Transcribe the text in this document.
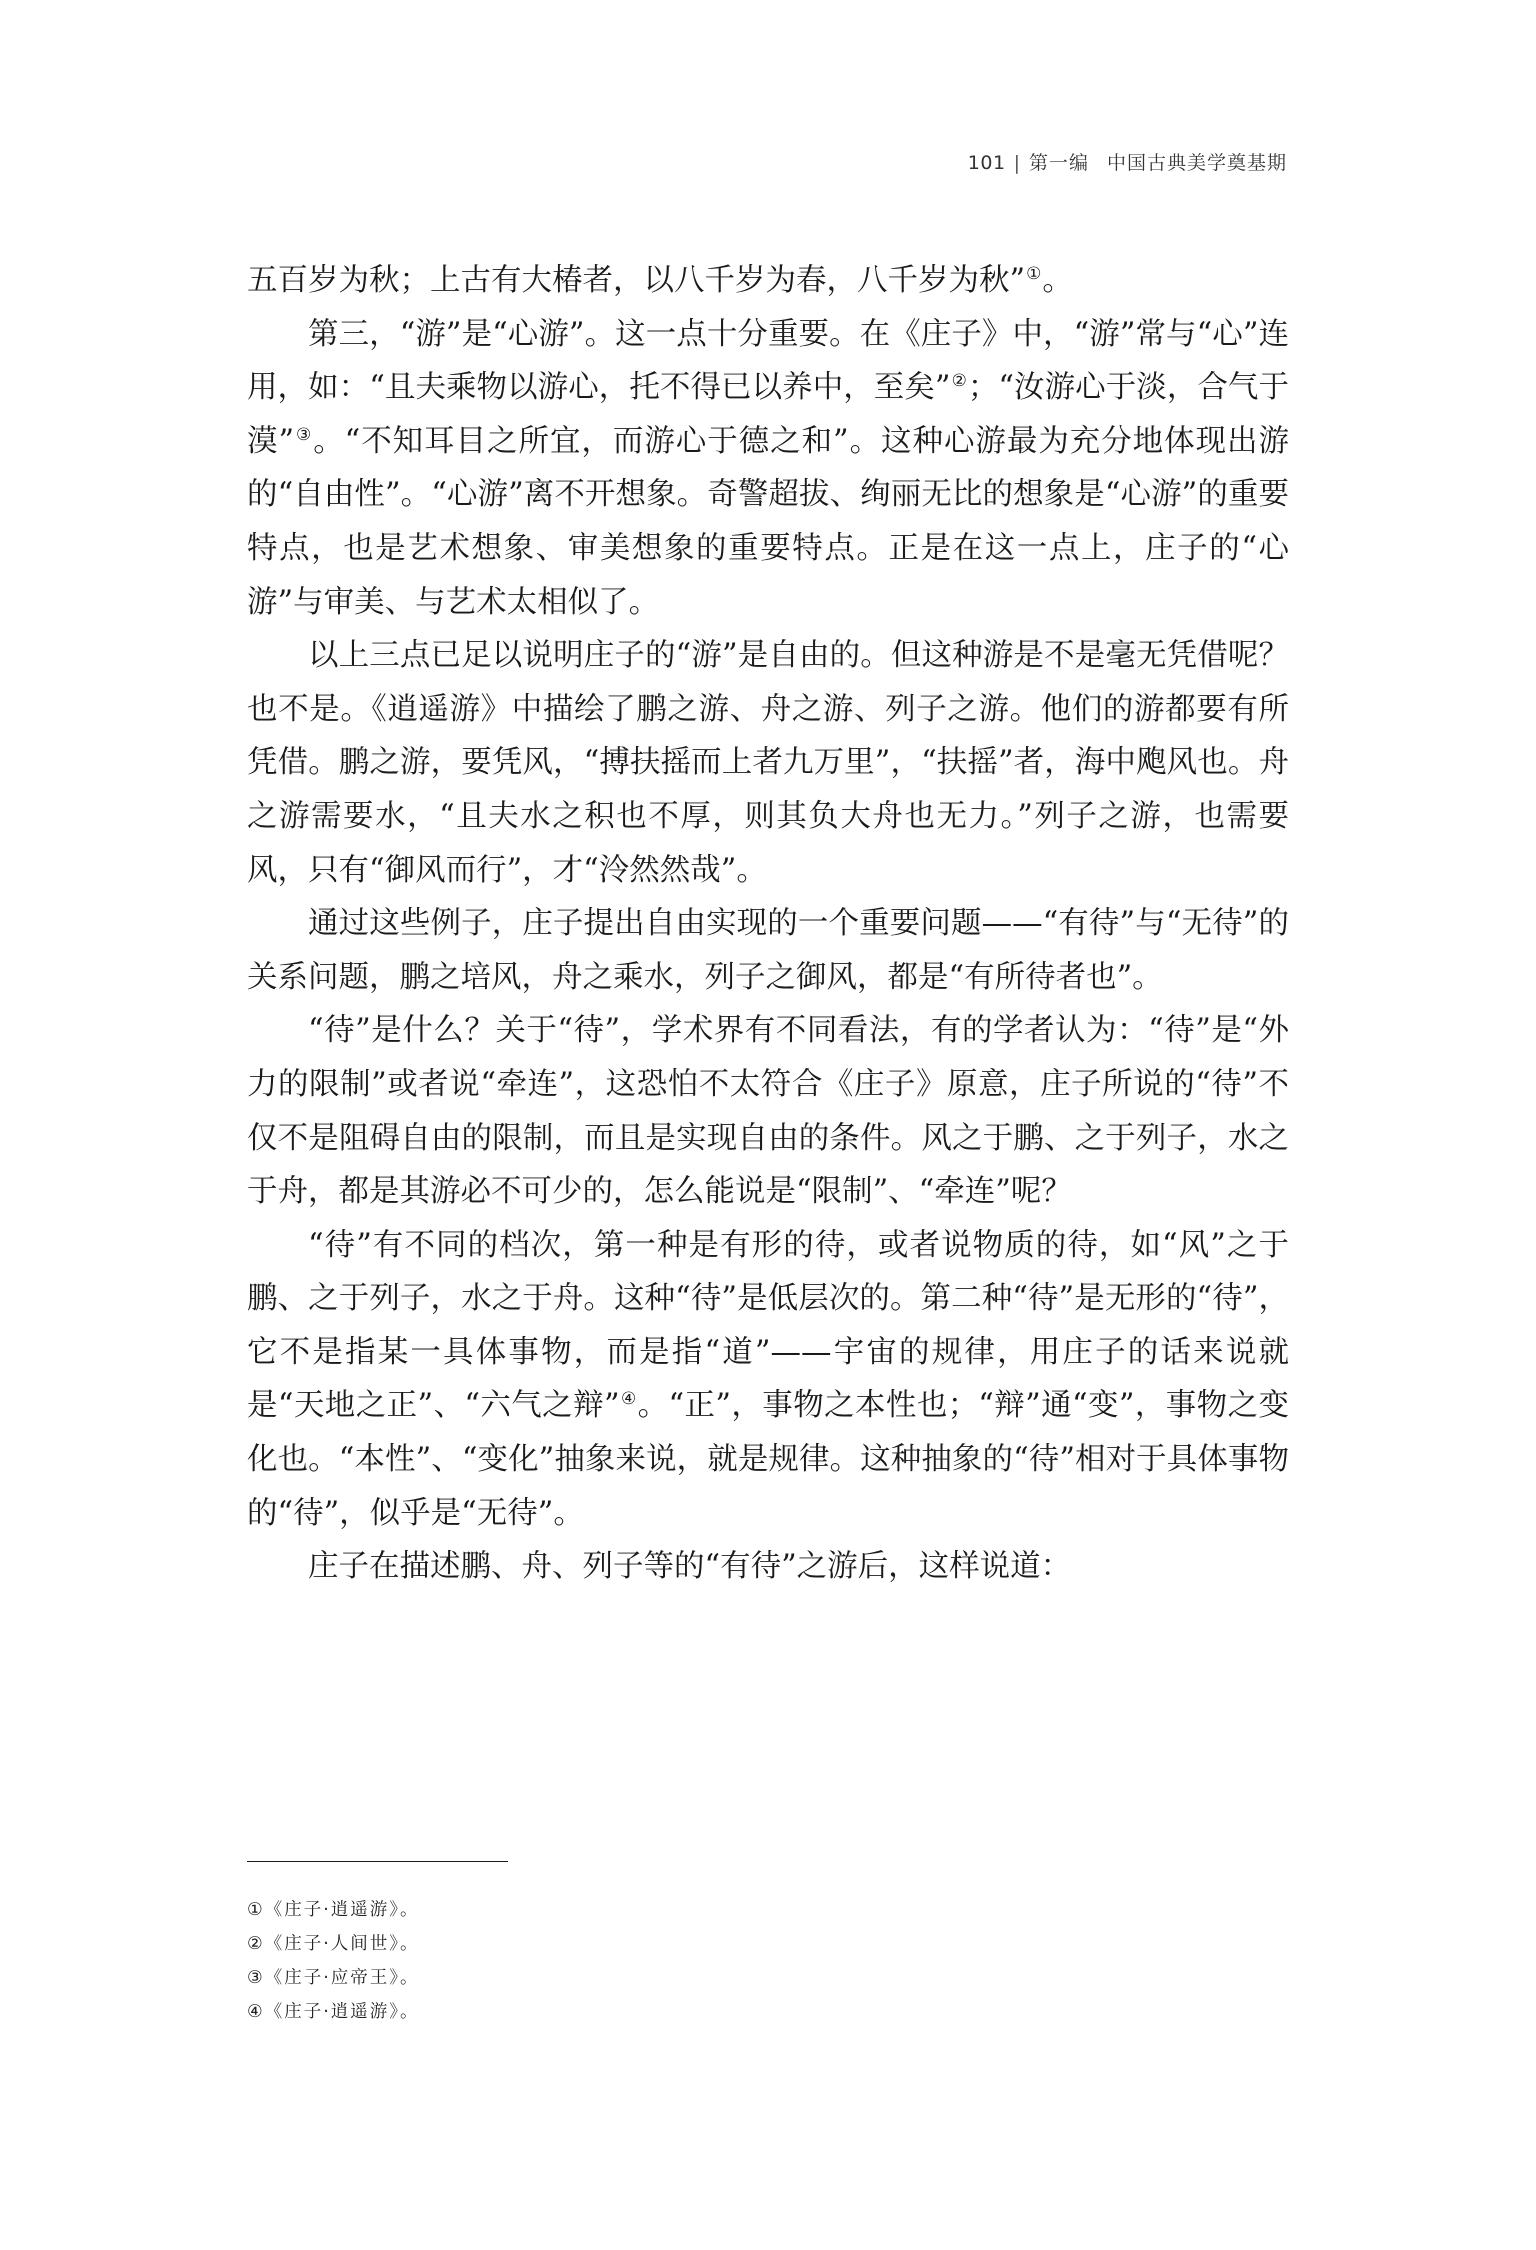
101 | 第一编 中国古典美学奠基期

五百岁为秋；上古有大椿者，以八千岁为春，八千岁为秋”①。

第三，“游”是“心游”。这一点十分重要。在《庄子》中，“游”常与“心”连用，如：“且夫乘物以游心，托不得已以养中，至矣”②；“汝游心于淡，合气于漠”③。“不知耳目之所宜，而游心于德之和”。这种心游最为充分地体现出游的“自由性”。“心游”离不开想象。奇警超拔、绚丽无比的想象是“心游”的重要特点，也是艺术想象、审美想象的重要特点。正是在这一点上，庄子的“心游”与审美、与艺术太相似了。

以上三点已足以说明庄子的“游”是自由的。但这种游是不是毫无凭借呢？也不是。《逍遥游》中描绘了鹏之游、舟之游、列子之游。他们的游都要有所凭借。鹏之游，要凭风，“搏扶摇而上者九万里”，“扶摇”者，海中飑风也。舟之游需要水，“且夫水之积也不厚，则其负大舟也无力。”列子之游，也需要风，只有“御风而行”，才“泠然然哉”。

通过这些例子，庄子提出自由实现的一个重要问题——“有待”与“无待”的关系问题，鹏之培风，舟之乘水，列子之御风，都是“有所待者也”。

“待”是什么？关于“待”，学术界有不同看法，有的学者认为：“待”是“外力的限制”或者说“牵连”，这恐怕不太符合《庄子》原意，庄子所说的“待”不仅不是阻碍自由的限制，而且是实现自由的条件。风之于鹏、之于列子，水之于舟，都是其游必不可少的，怎么能说是“限制”、“牵连”呢？

“待”有不同的档次，第一种是有形的待，或者说物质的待，如“风”之于鹏、之于列子，水之于舟。这种“待”是低层次的。第二种“待”是无形的“待”，它不是指某一具体事物，而是指“道”——宇宙的规律，用庄子的话来说就是“天地之正”、“六气之辩”④。“正”，事物之本性也；“辩”通“变”，事物之变化也。“本性”、“变化”抽象来说，就是规律。这种抽象的“待”相对于具体事物的“待”，似乎是“无待”。

庄子在描述鹏、舟、列子等的“有待”之游后，这样说道：

①《庄子·逍遥游》。
②《庄子·人间世》。
③《庄子·应帝王》。
④《庄子·逍遥游》。
